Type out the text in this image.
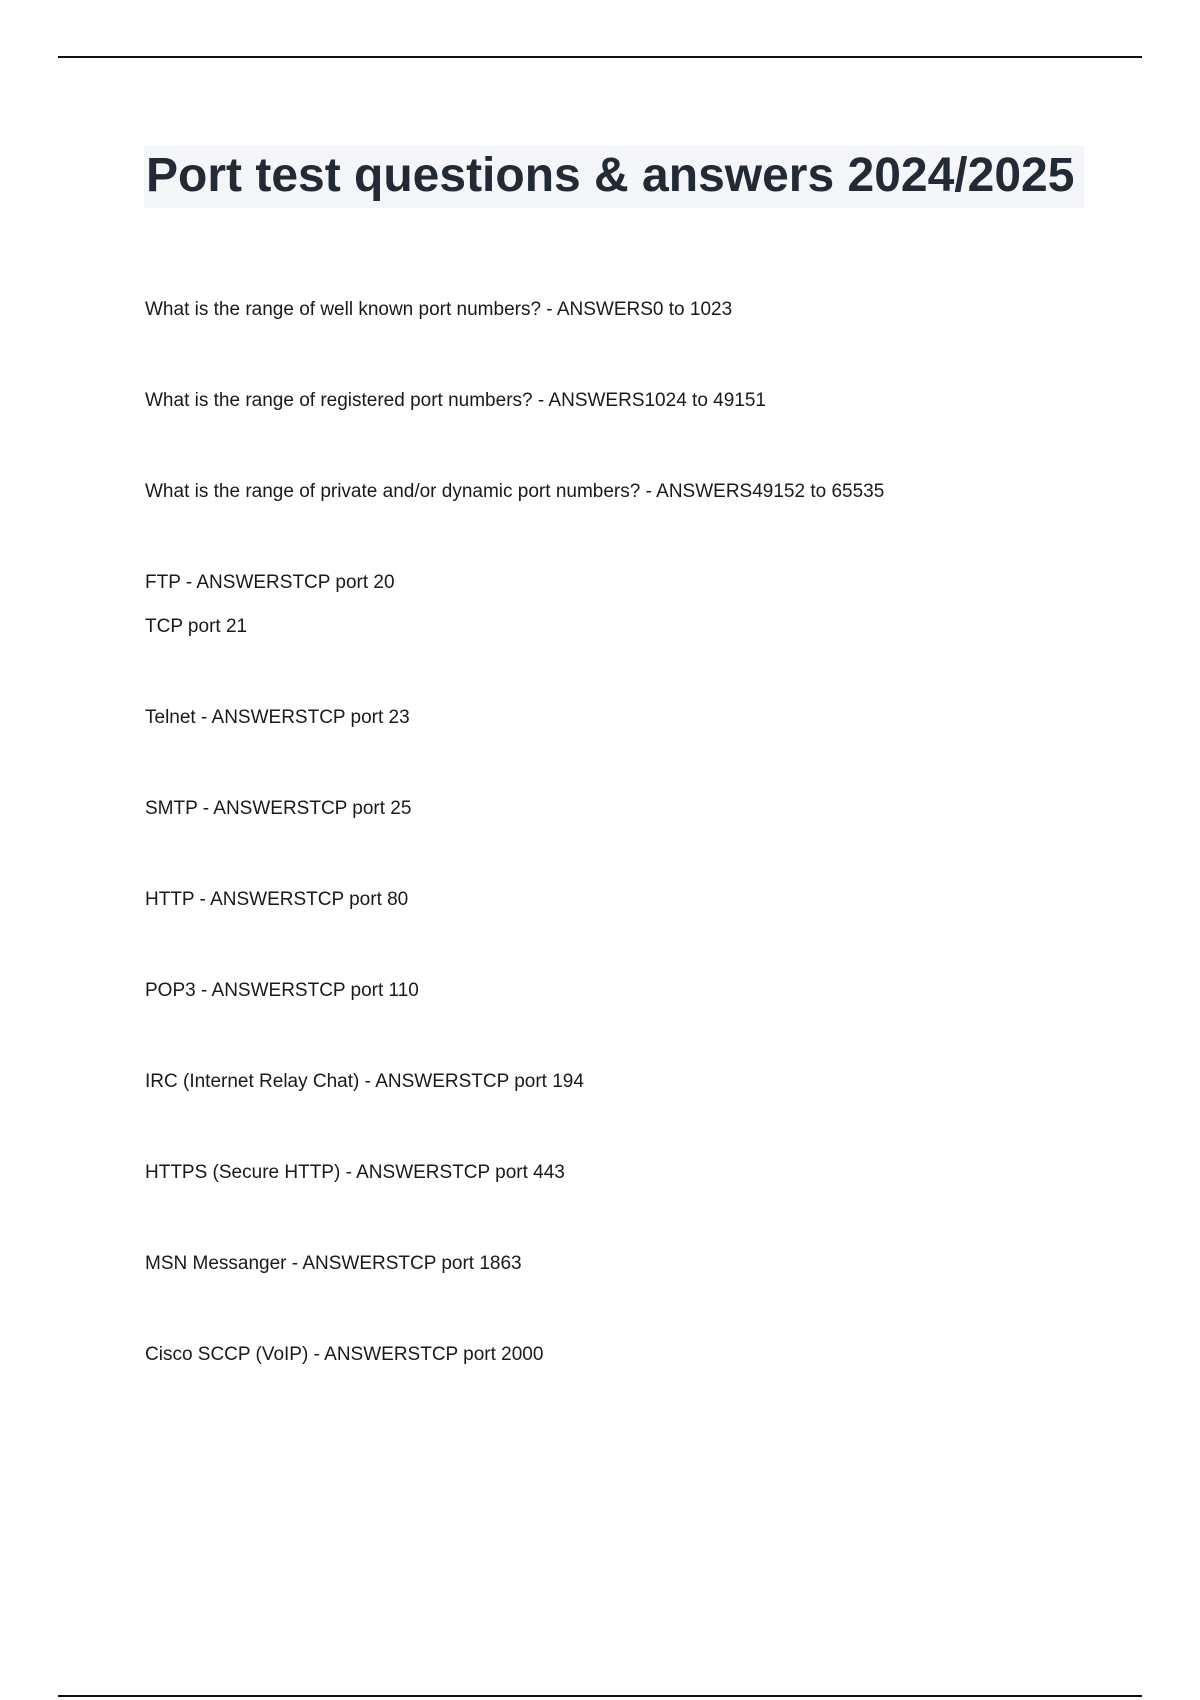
Port test questions & answers 2024/2025
What is the range of well known port numbers? - ANSWERS0 to 1023
What is the range of registered port numbers? - ANSWERS1024 to 49151
What is the range of private and/or dynamic port numbers? - ANSWERS49152 to 65535
FTP - ANSWERSTCP port 20
TCP port 21
Telnet - ANSWERSTCP port 23
SMTP - ANSWERSTCP port 25
HTTP - ANSWERSTCP port 80
POP3 - ANSWERSTCP port 110
IRC (Internet Relay Chat) - ANSWERSTCP port 194
HTTPS (Secure HTTP) - ANSWERSTCP port 443
MSN Messanger - ANSWERSTCP port 1863
Cisco SCCP (VoIP) - ANSWERSTCP port 2000
